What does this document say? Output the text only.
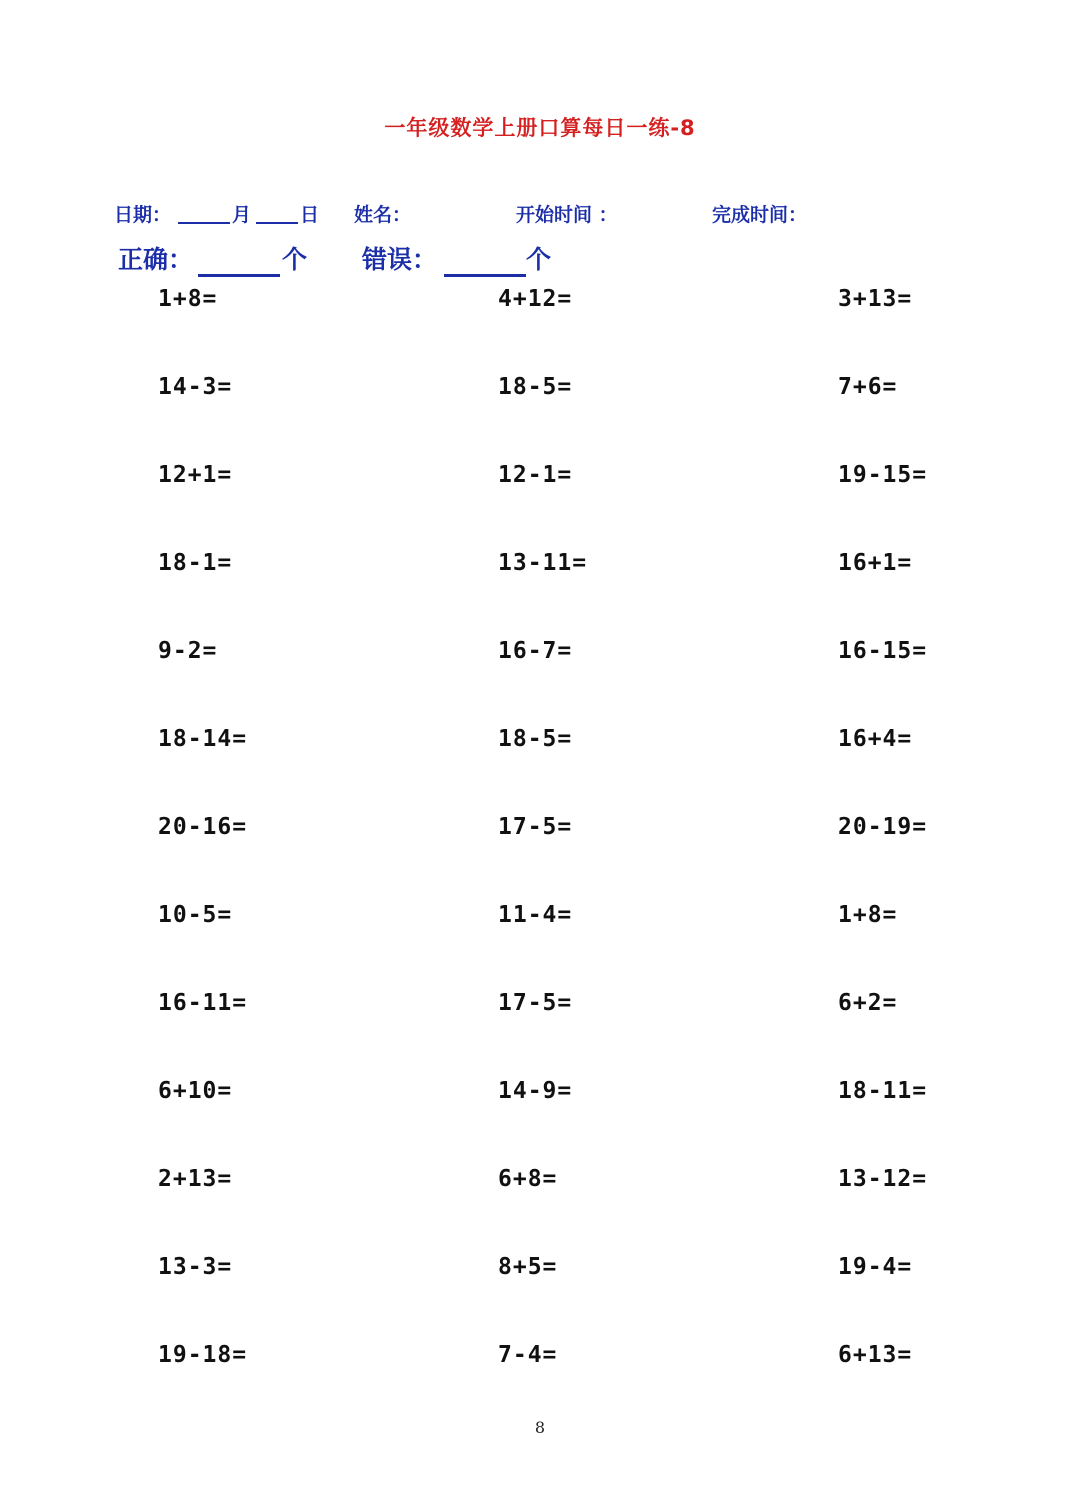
一年级数学上册口算每日一练-8
日期：	月	日 姓名：	开始时间 ：	完成时间：
正确：	个 错误：	个
1+8=	4+12=	3+13=
14-3=	18-5=	7+6=
12+1=	12-1=	19-15=
18-1=	13-11=	16+1=
9-2=	16-7=	16-15=
18-14=	18-5=	16+4=
20-16=	17-5=	20-19=
10-5=	11-4=	1+8=
16-11=	17-5=	6+2=
6+10=	14-9=	18-11=
2+13=	6+8=	13-12=
13-3=	8+5=	19-4=
19-18=	7-4=	6+13=
8
